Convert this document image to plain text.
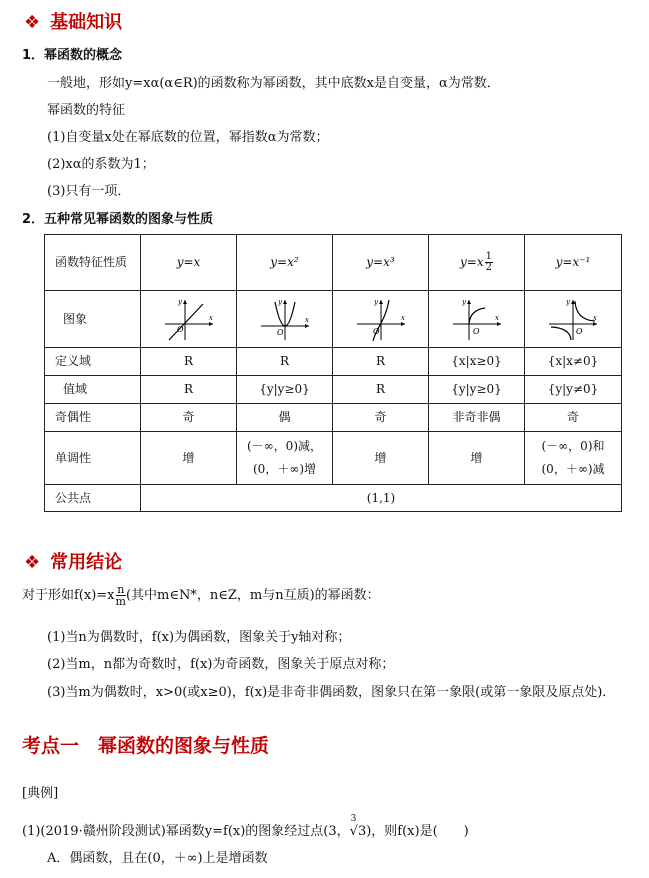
❖ 基础知识
1．幂函数的概念
一般地，形如y=xα(α∈R)的函数称为幂函数，其中底数x是自变量，α为常数．
幂函数的特征
(1)自变量x处在幂底数的位置，幂指数α为常数；
(2)xα的系数为1；
(3)只有一项．
2．五种常见幂函数的图象与性质
函数特征性质	y=x	y=x²	y=x³	$y=x \frac{1}{2}$	y=x⁻¹
图象	y
x
O	y
x
O	y
x
O	y
x
O	y
x
O

定义域	R	R	R	{x|x≥0}	{x|x≠0}
值域	R	{y|y≥0}	R	{y|y≥0}	{y|y≠0}
奇偶性	奇	偶	奇	非奇非偶	奇
单调性	增	(－∞，0)减，
(0，＋∞)增	增	增	(－∞，0)和
(0，＋∞)减
公共点	(1,1)				
❖ 常用结论
对于形如$f(x)=x \frac{n}{m}$ (其中m∈N*，n∈Z，m与n互质)的幂函数：
(1)当n为偶数时，f(x)为偶函数，图象关于y轴对称；
(2)当m，n都为奇数时，f(x)为奇函数，图象关于原点对称；
(3)当m为偶数时，x>0(或x≥0)，f(x)是非奇非偶函数，图象只在第一象限(或第一象限及原点处)．
考点一　幂函数的图象与性质
[典例]
(1)(2019·赣州阶段测试)幂函数y=f(x)的图象经过点(3，
3
√3)，则f(x)是(　　)
A．偶函数，且在(0，＋∞)上是增函数
